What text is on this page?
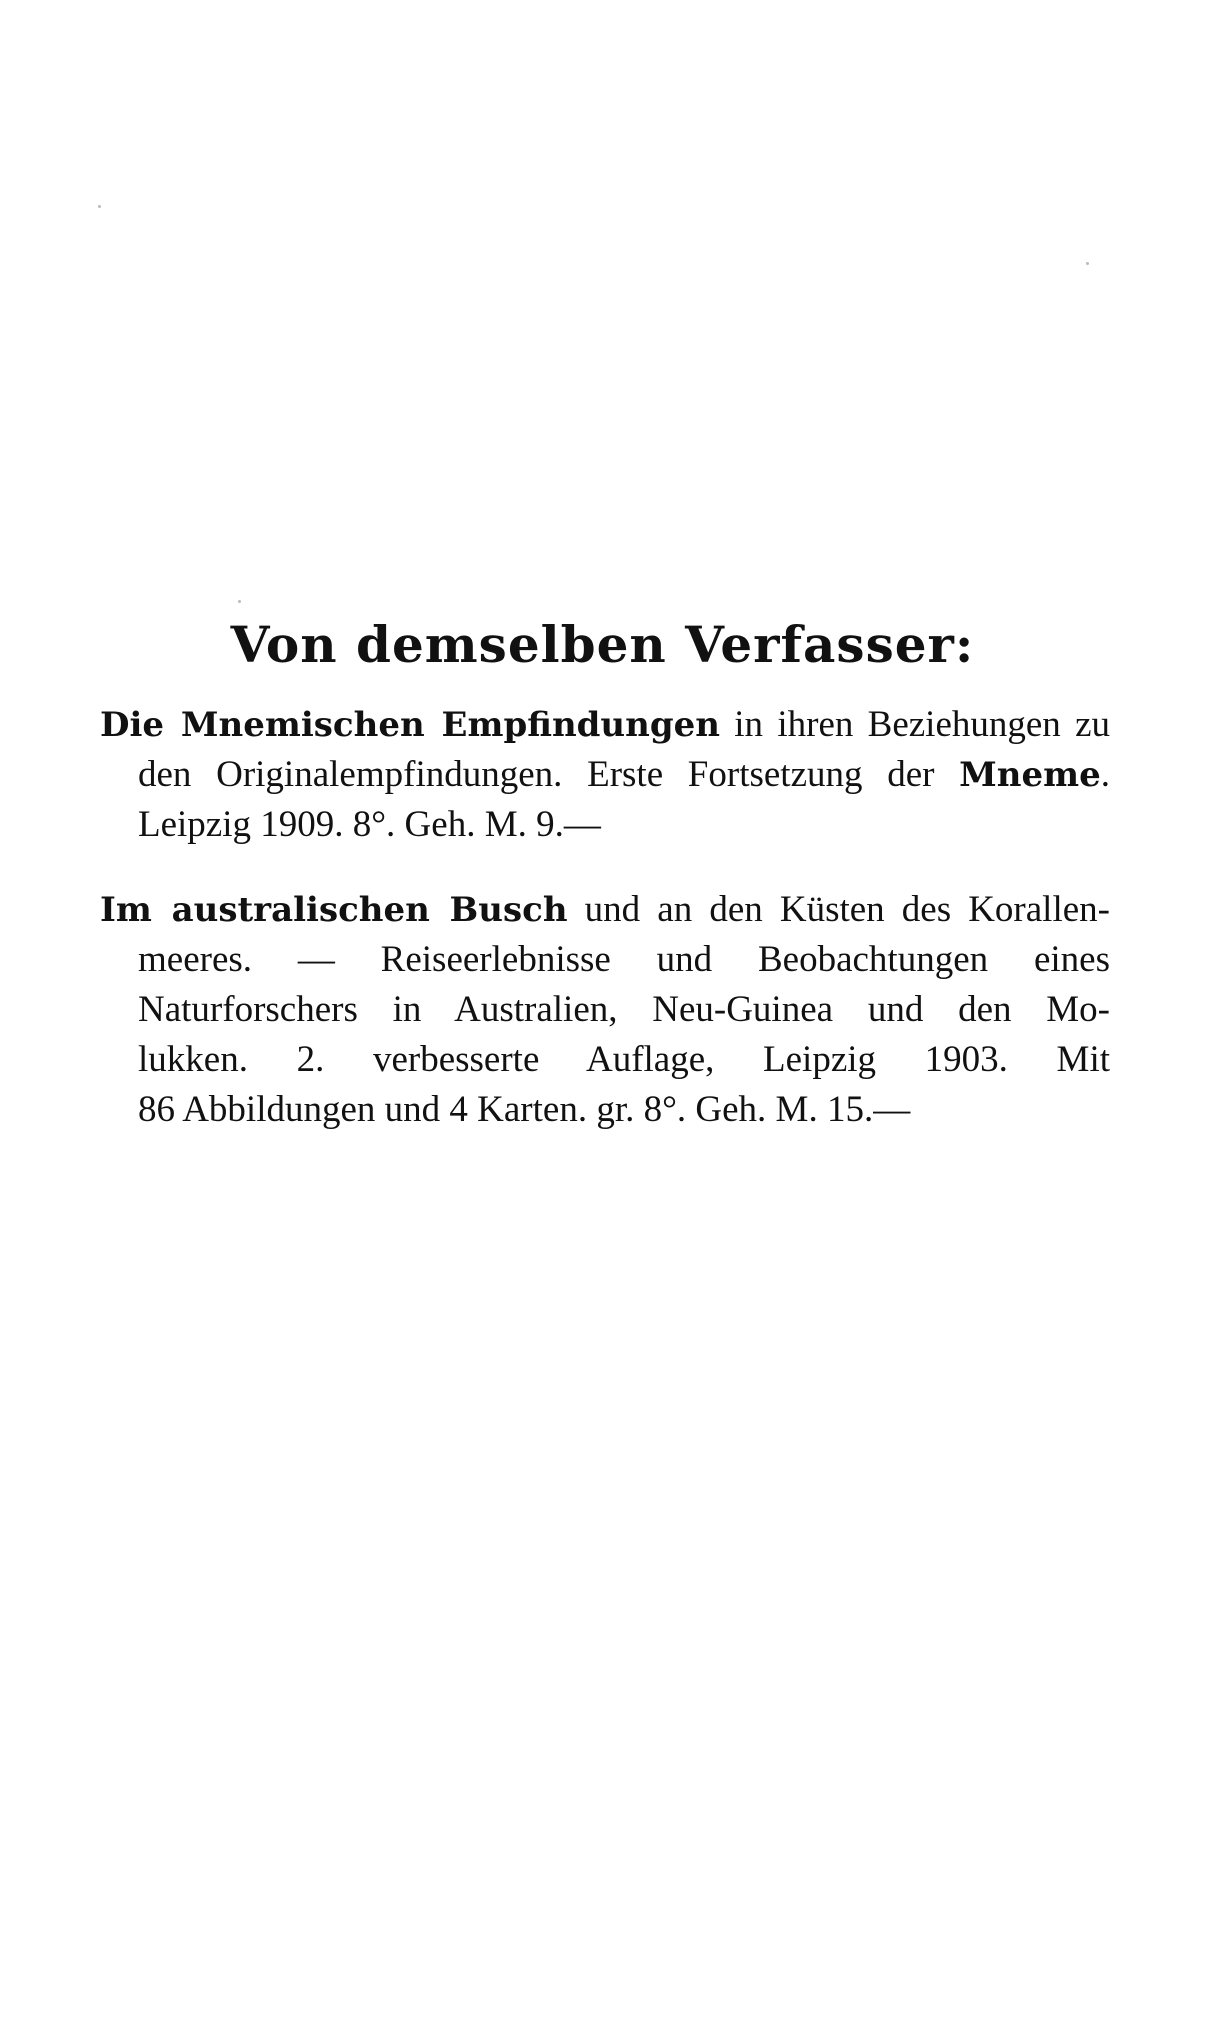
Von demselben Verfasser:
Die Mnemischen Empfindungen in ihren Beziehungen zu
den Originalempfindungen. Erste Fortsetzung der Mneme.
Leipzig 1909. 8°. Geh. M. 9.—
Im australischen Busch und an den Küsten des Korallen-
meeres. — Reiseerlebnisse und Beobachtungen eines
Naturforschers in Australien, Neu-Guinea und den Mo-
lukken. 2. verbesserte Auflage, Leipzig 1903. Mit
86 Abbildungen und 4 Karten. gr. 8°. Geh. M. 15.—
